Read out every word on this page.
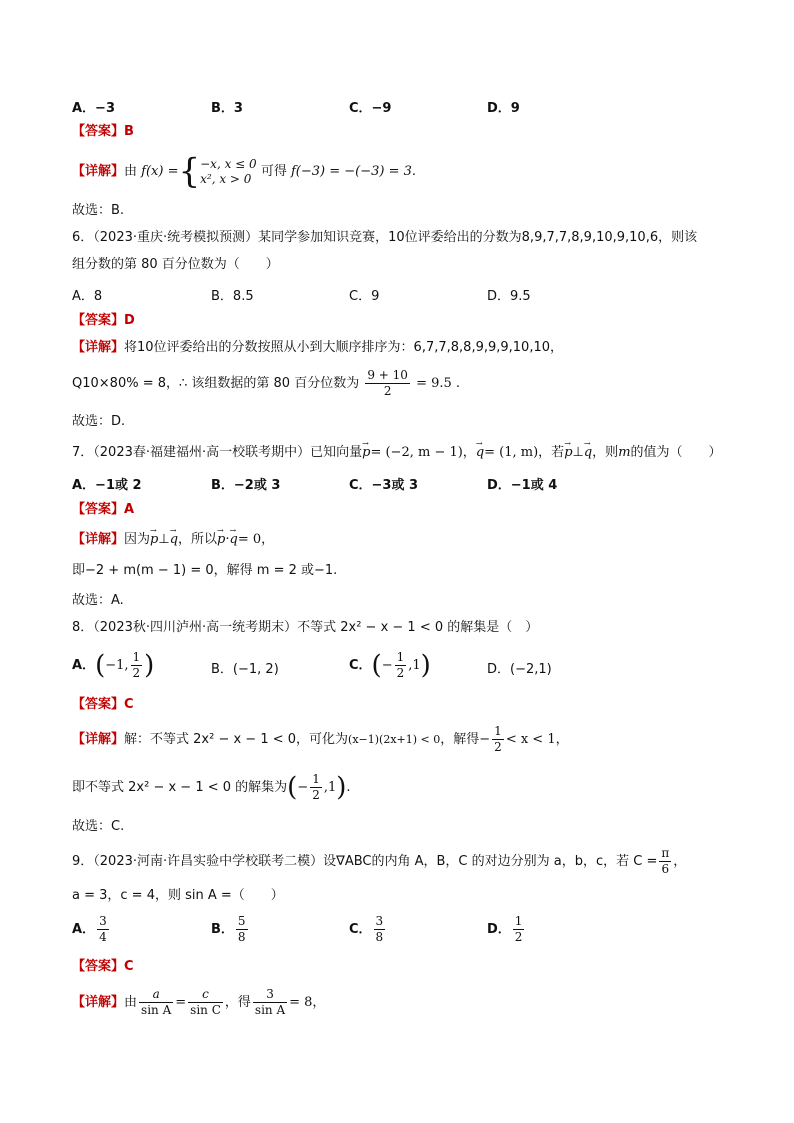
A．−3	B．3	C．−9	D．9
【答案】B
【详解】由 f(x) ={ −x, x ≤ 0
x², x > 0 可得 f(−3) = −(−3) = 3.
故选：B.
6．（2023·重庆·统考模拟预测）某同学参加知识竞赛，10位评委给出的分数为8,9,7,7,8,9,10,9,10,6，则该
组分数的第 80 百分位数为（　　）
A．8	B．8.5	C．9	D．9.5
【答案】D
【详解】将10位评委给出的分数按照从小到大顺序排序为：6,7,7,8,8,9,9,9,10,10，
Q10×80% = 8，∴ 该组数据的第 80 百分位数为 $\frac{9 + 10}{2} = 9.5$ .
故选：D.
7．（2023春·福建福州·高一校联考期中）已知向量→ p= (−2, m − 1)，→ q= (1, m)，若→ p⊥→ q，则m的值为（　　）
A．−1或 2	B．−2或 3	C．−3或 3	D．−1或 4
【答案】A
【详解】因为→ p⊥→ q，所以→ p·→ q= 0，
即−2 + m(m − 1) = 0，解得 m = 2 或−1.
故选：A.
8．（2023秋·四川泸州·高一统考期末）不等式 2x² − x − 1 < 0 的解集是（　）
A．(−1, $\frac{1}{2}$ )	B．(−1, 2)	C．(− $\frac{1}{2} ,1$)	D．(−2,1)
【答案】C
【详解】解：不等式 2x² − x − 1 < 0，可化为(x−1)(2x+1) < 0，解得− $\frac{1}{2} < x < 1$，
即不等式 2x² − x − 1 < 0 的解集为(− $\frac{1}{2} ,1$).
故选：C.
9．（2023·河南·许昌实验中学校联考二模）设∇ABC的内角 A，B，C 的对边分别为 a，b，c，若 $C = \frac{\pi}{6}$ ，
a = 3，c = 4，则 sin A =（　　）
A． $\frac{3}{4}$	B． $\frac{5}{8}$	C． $\frac{3}{8}$	D． $\frac{1}{2}$
【答案】C
【详解】由 $\frac{a}{\text{sin A}} = \frac{c}{\text{sin C}}$ ，得 $\frac{3}{\text{sin A}} = 8$，
